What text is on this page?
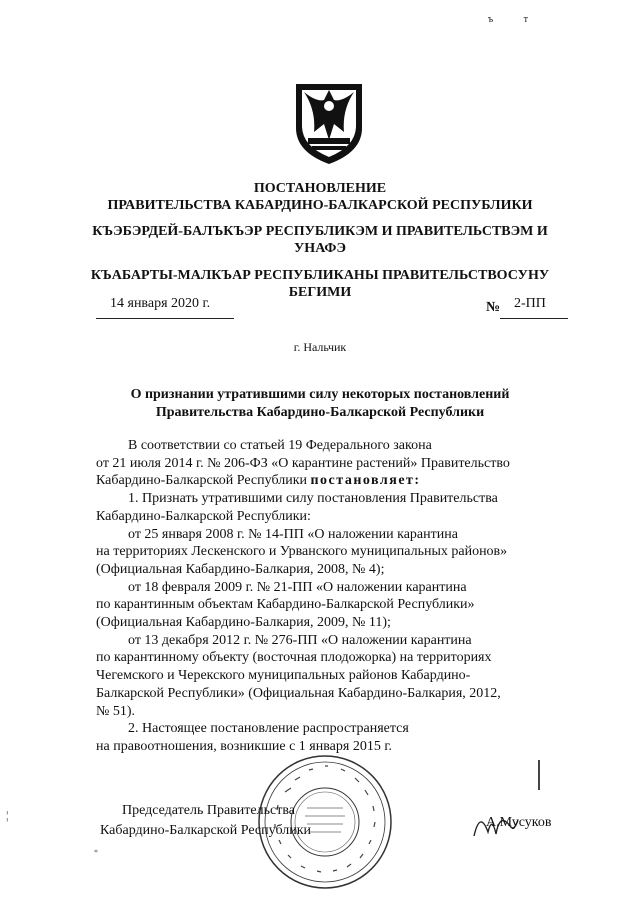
ъ т
ПОСТАНОВЛЕНИЕ
ПРАВИТЕЛЬСТВА КАБАРДИНО-БАЛКАРСКОЙ РЕСПУБЛИКИ
КЪЭБЭРДЕЙ-БАЛЪКЪЭР РЕСПУБЛИКЭМ И ПРАВИТЕЛЬСТВЭМ И
УНАФЭ
КЪАБАРТЫ-МАЛКЪАР РЕСПУБЛИКАНЫ ПРАВИТЕЛЬСТВОСУНУ
БЕГИМИ
14 января 2020 г.	№ 2-ПП
г. Нальчик
О признании утратившими силу некоторых постановлений
Правительства Кабардино-Балкарской Республики

В соответствии со статьей 19 Федерального закона

от 21 июля 2014 г. № 206-ФЗ «О карантине растений» Правительство

Кабардино-Балкарской Республики постановляет:

1. Признать утратившими силу постановления Правительства

Кабардино-Балкарской Республики:

от 25 января 2008 г. № 14-ПП «О наложении карантина

на территориях Лескенского и Урванского муниципальных районов»

(Официальная Кабардино-Балкария, 2008, № 4);

от 18 февраля 2009 г. № 21-ПП «О наложении карантина

по карантинным объектам Кабардино-Балкарской Республики»

(Официальная Кабардино-Балкария, 2009, № 11);

от 13 декабря 2012 г. № 276-ПП «О наложении карантина

по карантинному объекту (восточная плодожорка) на территориях

Чегемского и Черекского муниципальных районов Кабардино-

Балкарской Республики» (Официальная Кабардино-Балкария, 2012,

№ 51).

2. Настоящее постановление распространяется

на правоотношения, возникшие с 1 января 2015 г.

Председатель Правительства
Кабардино-Балкарской Республики
А.Мусуков
¦
*
